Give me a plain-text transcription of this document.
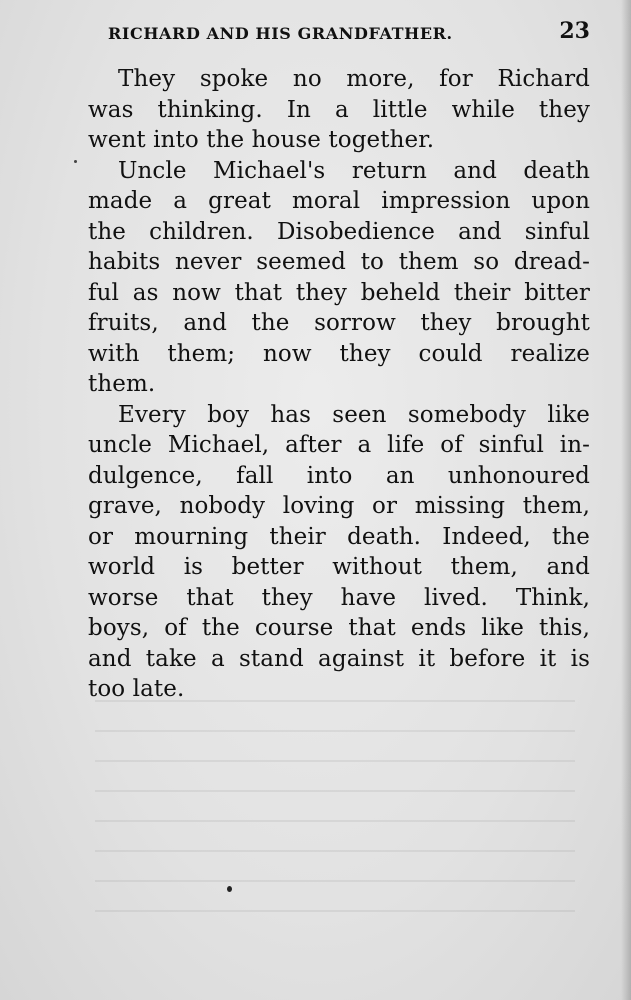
RICHARD AND HIS GRANDFATHER.	23
They spoke no more, for Richard
was thinking. In a little while they
went into the house together.
Uncle Michael's return and death
made a great moral impression upon
the children. Disobedience and sinful
habits never seemed to them so dread-
ful as now that they beheld their bitter
fruits, and the sorrow they brought
with them; now they could realize
them.
Every boy has seen somebody like
uncle Michael, after a life of sinful in-
dulgence, fall into an unhonoured
grave, nobody loving or missing them,
or mourning their death. Indeed, the
world is better without them, and
worse that they have lived. Think,
boys, of the course that ends like this,
and take a stand against it before it is
too late.
